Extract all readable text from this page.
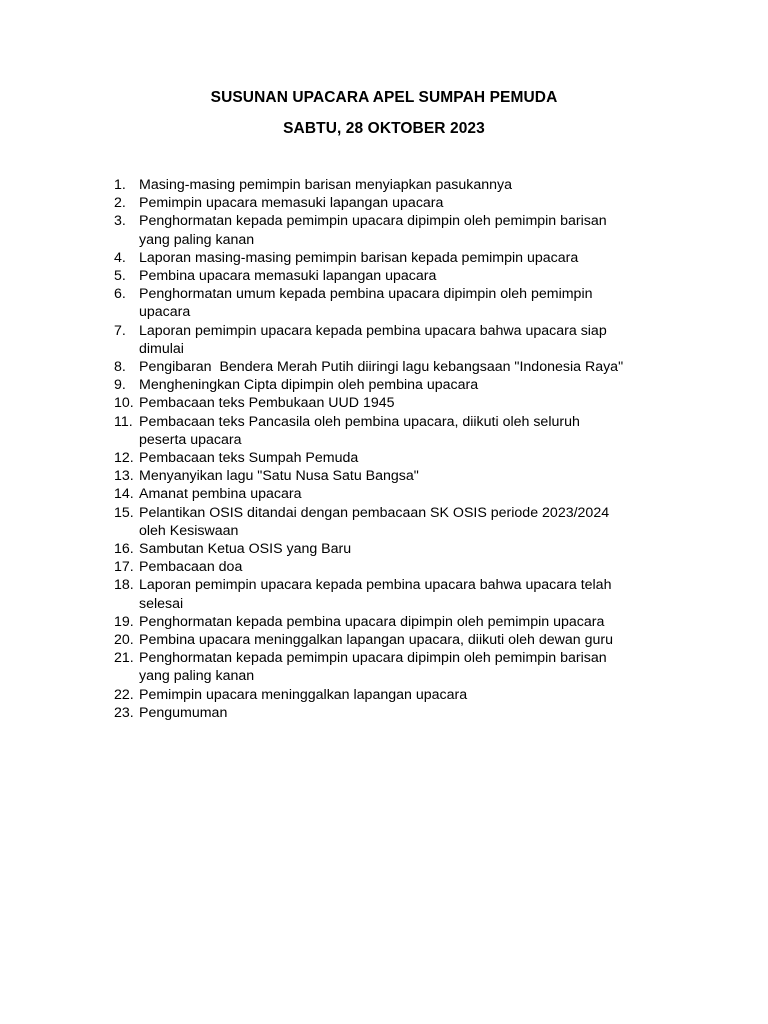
SUSUNAN UPACARA APEL SUMPAH PEMUDA
SABTU, 28 OKTOBER 2023
1. Masing-masing pemimpin barisan menyiapkan pasukannya
2. Pemimpin upacara memasuki lapangan upacara
3. Penghormatan kepada pemimpin upacara dipimpin oleh pemimpin barisan
yang paling kanan
4. Laporan masing-masing pemimpin barisan kepada pemimpin upacara
5. Pembina upacara memasuki lapangan upacara
6. Penghormatan umum kepada pembina upacara dipimpin oleh pemimpin
upacara
7. Laporan pemimpin upacara kepada pembina upacara bahwa upacara siap
dimulai
8. Pengibaran  Bendera Merah Putih diiringi lagu kebangsaan "Indonesia Raya"
9. Mengheningkan Cipta dipimpin oleh pembina upacara
10. Pembacaan teks Pembukaan UUD 1945
11. Pembacaan teks Pancasila oleh pembina upacara, diikuti oleh seluruh
peserta upacara
12. Pembacaan teks Sumpah Pemuda
13. Menyanyikan lagu "Satu Nusa Satu Bangsa"
14. Amanat pembina upacara
15. Pelantikan OSIS ditandai dengan pembacaan SK OSIS periode 2023/2024
oleh Kesiswaan
16. Sambutan Ketua OSIS yang Baru
17. Pembacaan doa
18. Laporan pemimpin upacara kepada pembina upacara bahwa upacara telah
selesai
19. Penghormatan kepada pembina upacara dipimpin oleh pemimpin upacara
20. Pembina upacara meninggalkan lapangan upacara, diikuti oleh dewan guru
21. Penghormatan kepada pemimpin upacara dipimpin oleh pemimpin barisan
yang paling kanan
22. Pemimpin upacara meninggalkan lapangan upacara
23. Pengumuman
